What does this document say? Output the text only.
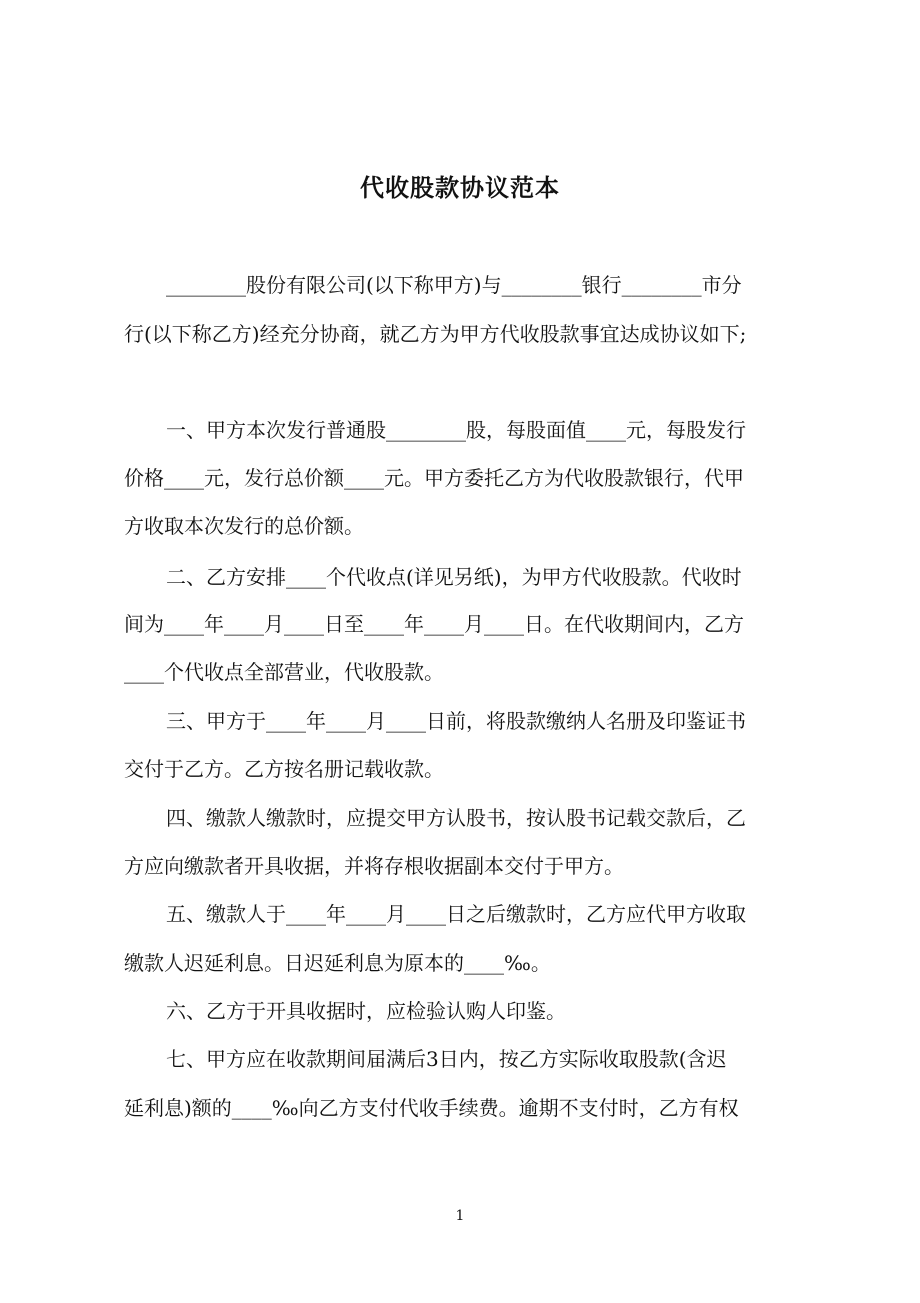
代收股款协议范本

________股份有限公司(以下称甲方)与________银行________市分

行(以下称乙方)经充分协商，就乙方为甲方代收股款事宜达成协议如下;

一、甲方本次发行普通股________股，每股面值____元，每股发行

价格____元，发行总价额____元。甲方委托乙方为代收股款银行，代甲

方收取本次发行的总价额。

二、乙方安排____个代收点(详见另纸)，为甲方代收股款。代收时

间为____年____月____日至____年____月____日。在代收期间内，乙方

____个代收点全部营业，代收股款。

三、甲方于____年____月____日前，将股款缴纳人名册及印鉴证书

交付于乙方。乙方按名册记载收款。

四、缴款人缴款时，应提交甲方认股书，按认股书记载交款后，乙

方应向缴款者开具收据，并将存根收据副本交付于甲方。

五、缴款人于____年____月____日之后缴款时，乙方应代甲方收取

缴款人迟延利息。日迟延利息为原本的____‰。

六、乙方于开具收据时，应检验认购人印鉴。

七、甲方应在收款期间届满后3日内，按乙方实际收取股款(含迟

延利息)额的____‰向乙方支付代收手续费。逾期不支付时，乙方有权

1
